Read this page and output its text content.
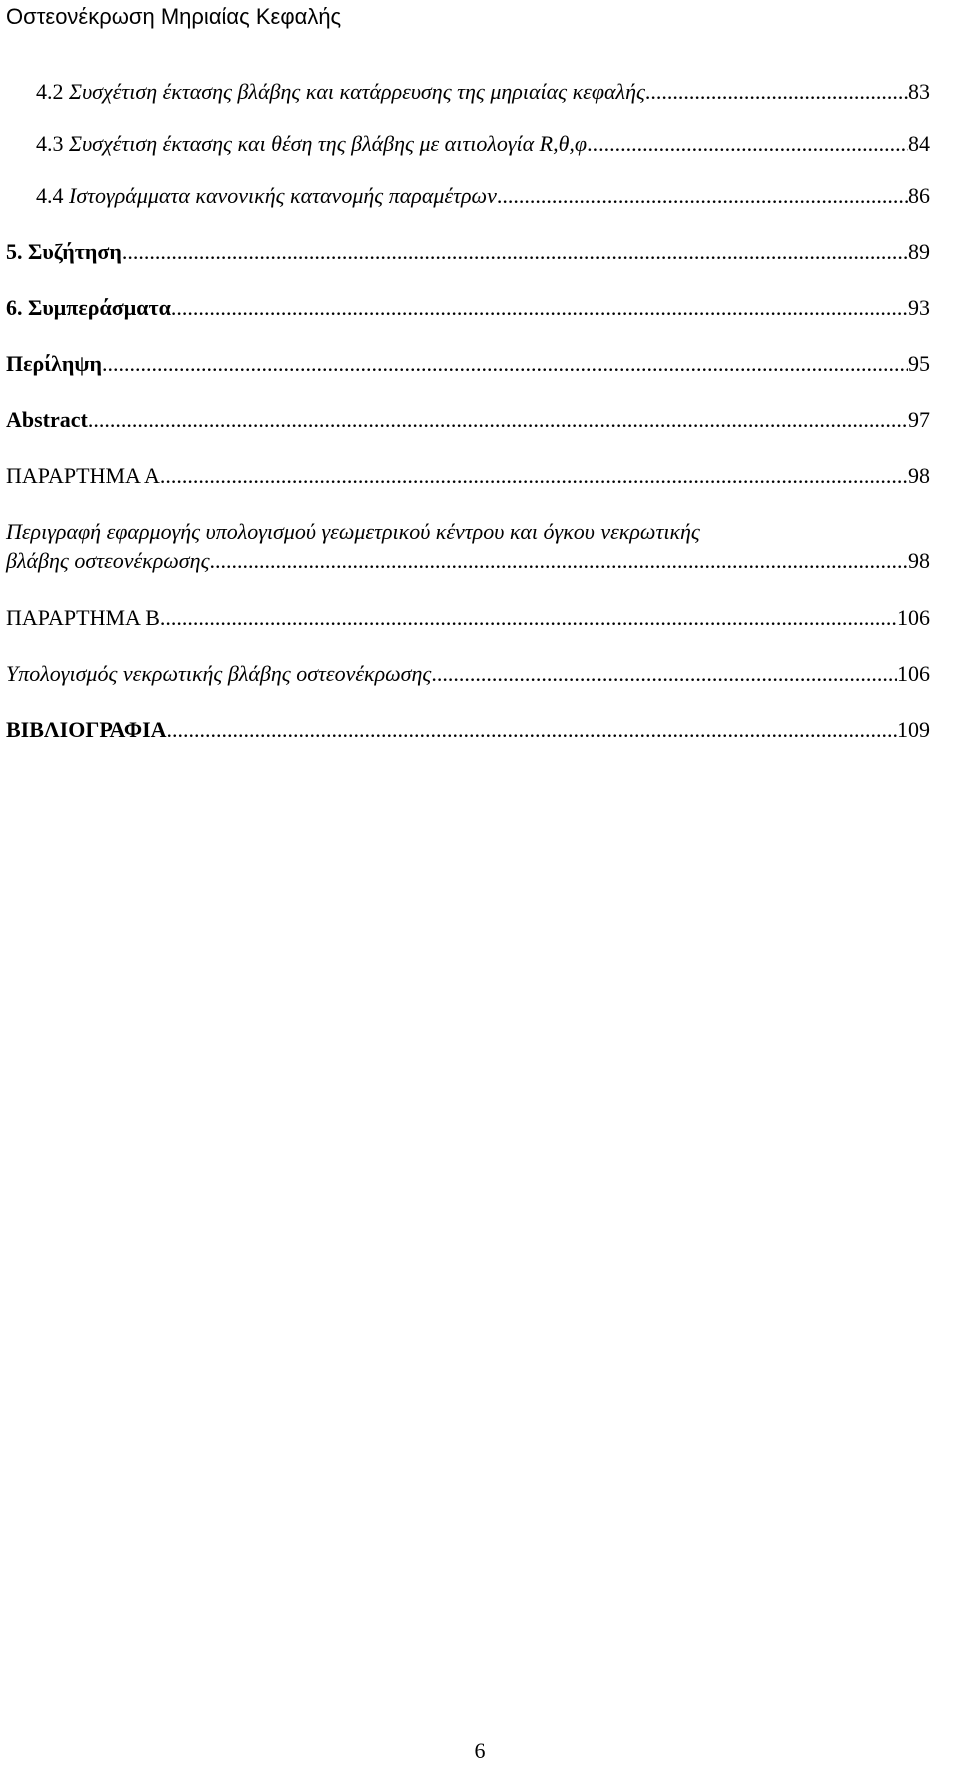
Οστεονέκρωση Μηριαίας Κεφαλής
4.2 Συσχέτιση έκτασης βλάβης και κατάρρευσης της μηριαίας κεφαλής .....	83
4.3 Συσχέτιση έκτασης και θέση της βλάβης με αιτιολογία R,θ,φ .....	84
4.4 Ιστογράμματα κανονικής κατανομής παραμέτρων .....	86
5. Συζήτηση .....	89
6. Συμπεράσματα .....	93
Περίληψη .....	95
Abstract .....	97
ΠΑΡΑΡΤΗΜΑ Α .....	98
Περιγραφή εφαρμογής υπολογισμού γεωμετρικού κέντρου και όγκου νεκρωτικής
βλάβης οστεονέκρωσης .....	98
ΠΑΡΑΡΤΗΜΑ Β .....	106
Υπολογισμός νεκρωτικής βλάβης οστεονέκρωσης .....	106
ΒΙΒΛΙΟΓΡΑΦΙΑ .....	109
6
